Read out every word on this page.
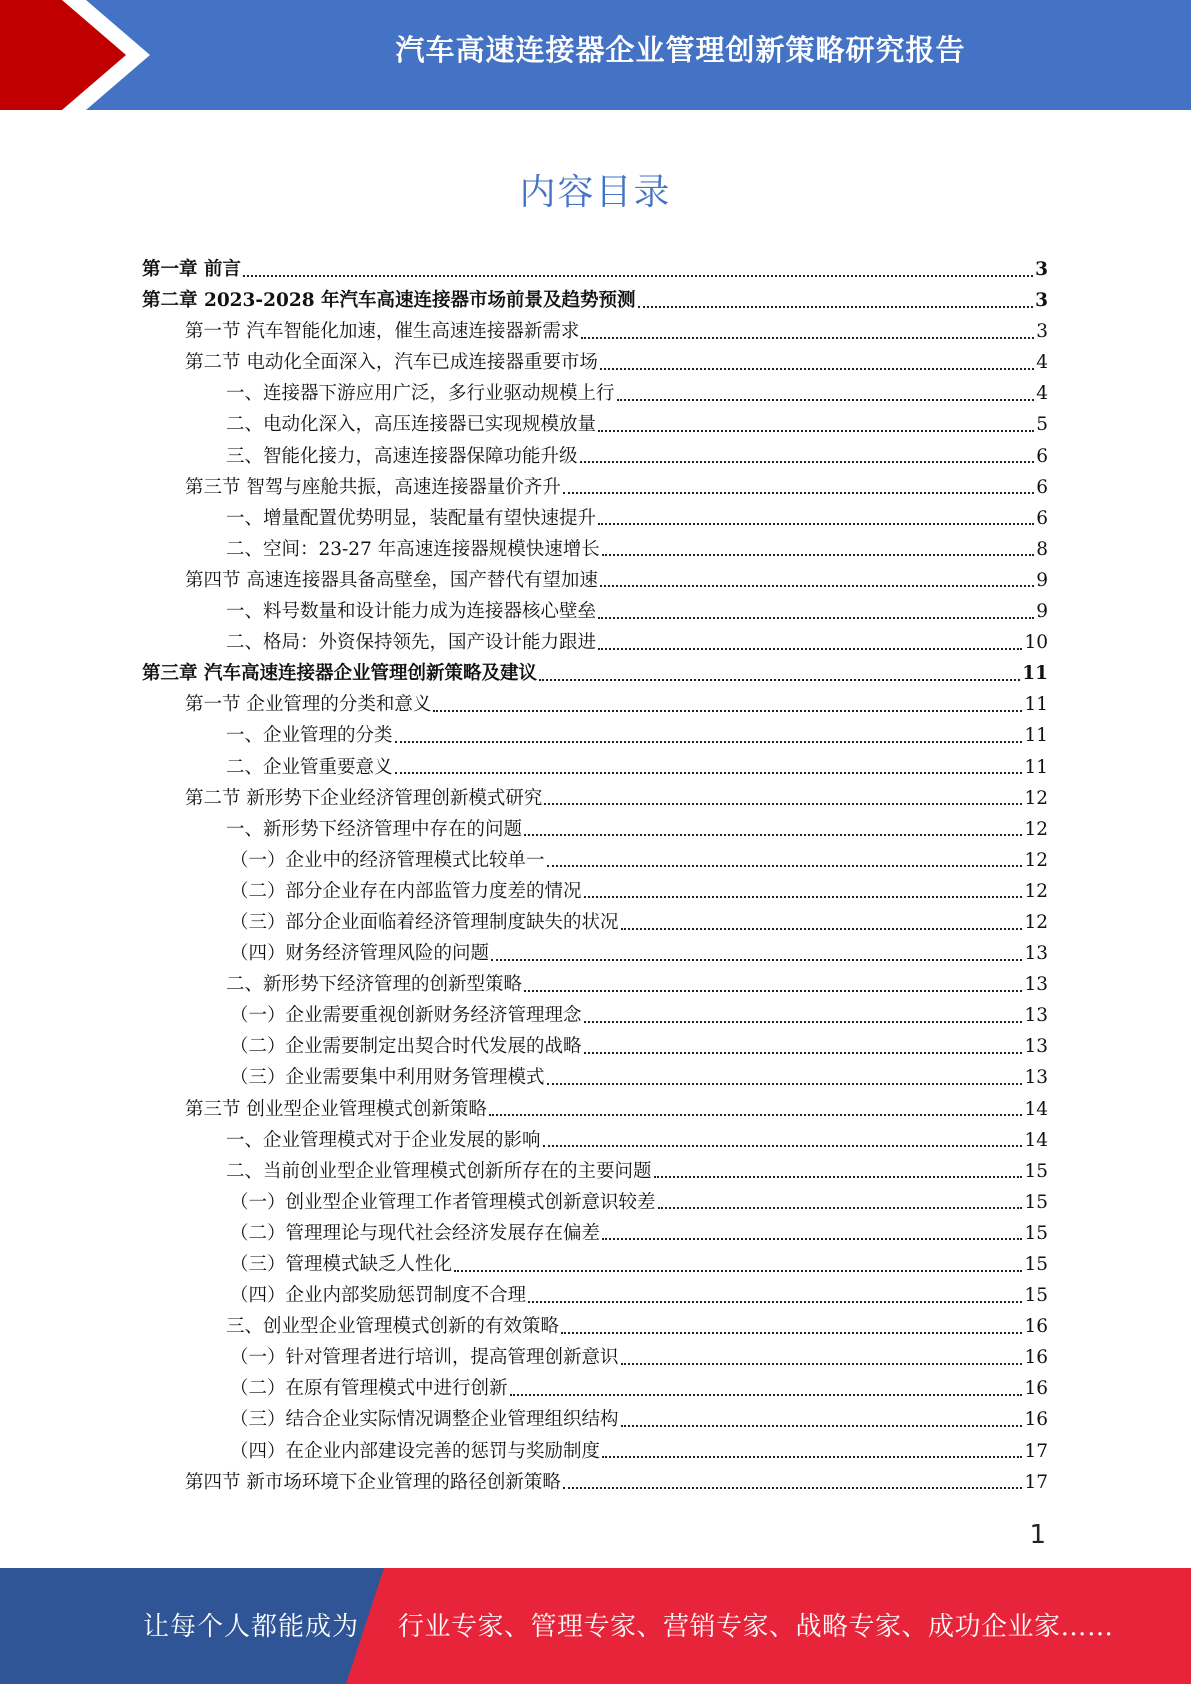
汽车高速连接器企业管理创新策略研究报告
内容目录
第一章 前言	3
第二章 2023-2028 年汽车高速连接器市场前景及趋势预测	3
第一节 汽车智能化加速，催生高速连接器新需求	3
第二节 电动化全面深入，汽车已成连接器重要市场	4
一、连接器下游应用广泛，多行业驱动规模上行	4
二、电动化深入，高压连接器已实现规模放量	5
三、智能化接力，高速连接器保障功能升级	6
第三节 智驾与座舱共振，高速连接器量价齐升	6
一、增量配置优势明显，装配量有望快速提升	6
二、空间：23-27 年高速连接器规模快速增长	8
第四节 高速连接器具备高壁垒，国产替代有望加速	9
一、料号数量和设计能力成为连接器核心壁垒	9
二、格局：外资保持领先，国产设计能力跟进	10
第三章 汽车高速连接器企业管理创新策略及建议	11
第一节 企业管理的分类和意义	11
一、企业管理的分类	11
二、企业管重要意义	11
第二节 新形势下企业经济管理创新模式研究	12
一、新形势下经济管理中存在的问题	12
（一）企业中的经济管理模式比较单一	12
（二）部分企业存在内部监管力度差的情况	12
（三）部分企业面临着经济管理制度缺失的状况	12
（四）财务经济管理风险的问题	13
二、新形势下经济管理的创新型策略	13
（一）企业需要重视创新财务经济管理理念	13
（二）企业需要制定出契合时代发展的战略	13
（三）企业需要集中利用财务管理模式	13
第三节 创业型企业管理模式创新策略	14
一、企业管理模式对于企业发展的影响	14
二、当前创业型企业管理模式创新所存在的主要问题	15
（一）创业型企业管理工作者管理模式创新意识较差	15
（二）管理理论与现代社会经济发展存在偏差	15
（三）管理模式缺乏人性化	15
（四）企业内部奖励惩罚制度不合理	15
三、创业型企业管理模式创新的有效策略	16
（一）针对管理者进行培训，提高管理创新意识	16
（二）在原有管理模式中进行创新	16
（三）结合企业实际情况调整企业管理组织结构	16
（四）在企业内部建设完善的惩罚与奖励制度	17
第四节 新市场环境下企业管理的路径创新策略	17
1
让每个人都能成为 行业专家、管理专家、营销专家、战略专家、成功企业家……
